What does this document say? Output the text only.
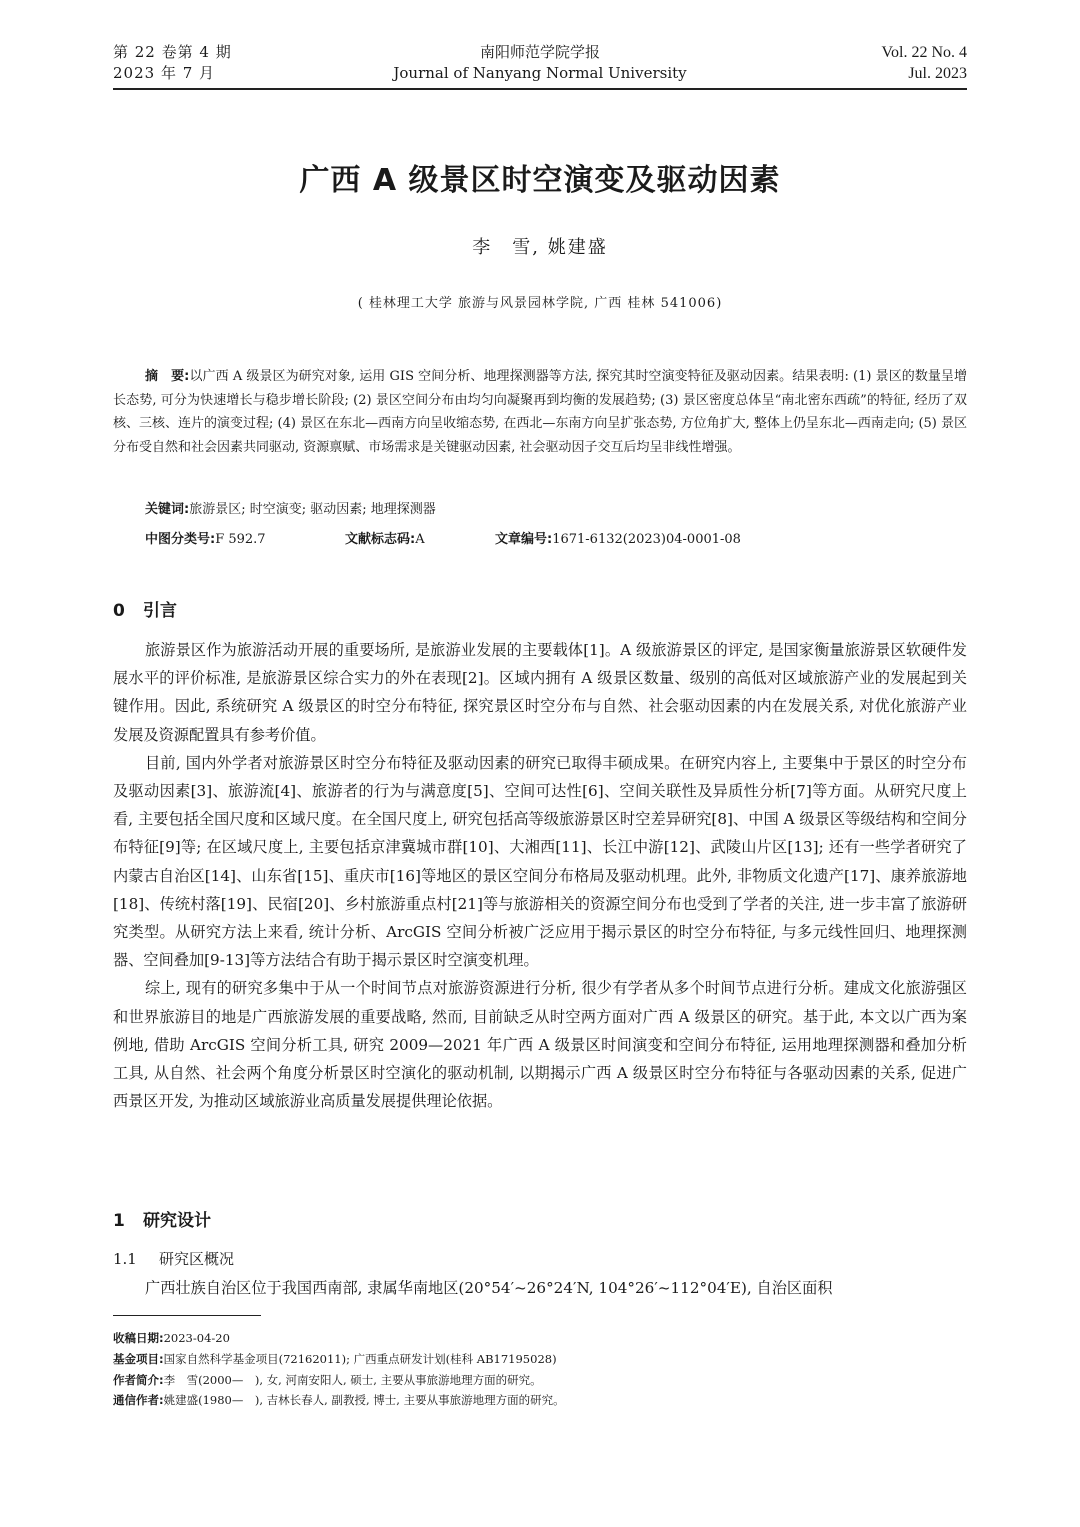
第 22 卷第 4 期
2023 年 7 月
南阳师范学院学报
Journal of Nanyang Normal University
Vol. 22 No. 4
Jul. 2023
广西 A 级景区时空演变及驱动因素
李　雪, 姚建盛
( 桂林理工大学 旅游与风景园林学院, 广西 桂林 541006)

摘　要:以广西 A 级景区为研究对象, 运用 GIS 空间分析、地理探测器等方法, 探究其时空演变特征及驱动因素。结果表明: (1) 景区的数量呈增长态势, 可分为快速增长与稳步增长阶段; (2) 景区空间分布由均匀向凝聚再到均衡的发展趋势; (3) 景区密度总体呈“南北密东西疏”的特征, 经历了双核、三核、连片的演变过程; (4) 景区在东北—西南方向呈收缩态势, 在西北—东南方向呈扩张态势, 方位角扩大, 整体上仍呈东北—西南走向; (5) 景区分布受自然和社会因素共同驱动, 资源禀赋、市场需求是关键驱动因素, 社会驱动因子交互后均呈非线性增强。

关键词:旅游景区; 时空演变; 驱动因素; 地理探测器
中图分类号:F 592.7	文献标志码:A	文章编号:1671-6132(2023)04-0001-08
0 引言

旅游景区作为旅游活动开展的重要场所, 是旅游业发展的主要载体[1]。A 级旅游景区的评定, 是国家衡量旅游景区软硬件发展水平的评价标准, 是旅游景区综合实力的外在表现[2]。区域内拥有 A 级景区数量、级别的高低对区域旅游产业的发展起到关键作用。因此, 系统研究 A 级景区的时空分布特征, 探究景区时空分布与自然、社会驱动因素的内在发展关系, 对优化旅游产业发展及资源配置具有参考价值。

目前, 国内外学者对旅游景区时空分布特征及驱动因素的研究已取得丰硕成果。在研究内容上, 主要集中于景区的时空分布及驱动因素[3]、旅游流[4]、旅游者的行为与满意度[5]、空间可达性[6]、空间关联性及异质性分析[7]等方面。从研究尺度上看, 主要包括全国尺度和区域尺度。在全国尺度上, 研究包括高等级旅游景区时空差异研究[8]、中国 A 级景区等级结构和空间分布特征[9]等; 在区域尺度上, 主要包括京津冀城市群[10]、大湘西[11]、长江中游[12]、武陵山片区[13]; 还有一些学者研究了内蒙古自治区[14]、山东省[15]、重庆市[16]等地区的景区空间分布格局及驱动机理。此外, 非物质文化遗产[17]、康养旅游地[18]、传统村落[19]、民宿[20]、乡村旅游重点村[21]等与旅游相关的资源空间分布也受到了学者的关注, 进一步丰富了旅游研究类型。从研究方法上来看, 统计分析、ArcGIS 空间分析被广泛应用于揭示景区的时空分布特征, 与多元线性回归、地理探测器、空间叠加[9-13]等方法结合有助于揭示景区时空演变机理。

综上, 现有的研究多集中于从一个时间节点对旅游资源进行分析, 很少有学者从多个时间节点进行分析。建成文化旅游强区和世界旅游目的地是广西旅游发展的重要战略, 然而, 目前缺乏从时空两方面对广西 A 级景区的研究。基于此, 本文以广西为案例地, 借助 ArcGIS 空间分析工具, 研究 2009—2021 年广西 A 级景区时间演变和空间分布特征, 运用地理探测器和叠加分析工具, 从自然、社会两个角度分析景区时空演化的驱动机制, 以期揭示广西 A 级景区时空分布特征与各驱动因素的关系, 促进广西景区开发, 为推动区域旅游业高质量发展提供理论依据。

1 研究设计
1.1 研究区概况

广西壮族自治区位于我国西南部, 隶属华南地区(20°54′~26°24′N, 104°26′~112°04′E), 自治区面积

收稿日期:2023-04-20
基金项目:国家自然科学基金项目(72162011); 广西重点研发计划(桂科 AB17195028)
作者简介:李　雪(2000—　), 女, 河南安阳人, 硕士, 主要从事旅游地理方面的研究。
通信作者:姚建盛(1980—　), 吉林长春人, 副教授, 博士, 主要从事旅游地理方面的研究。
